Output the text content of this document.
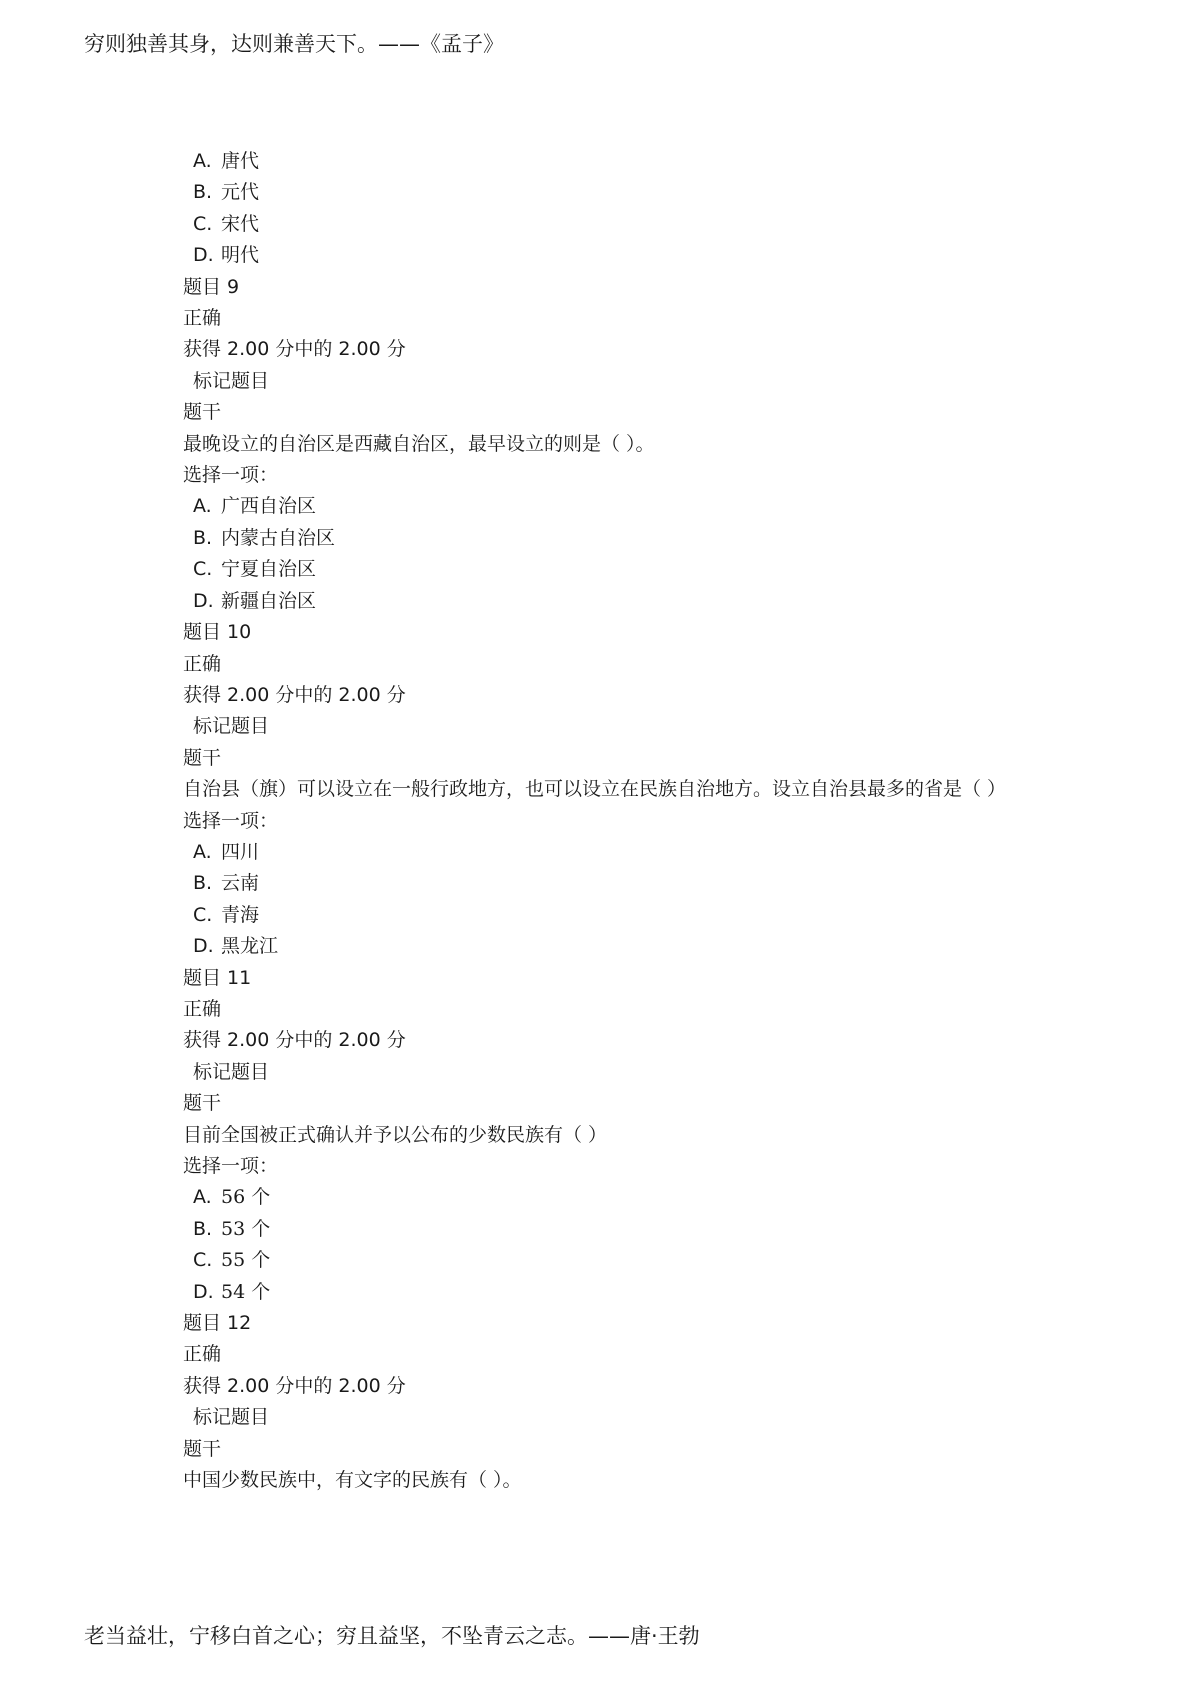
穷则独善其身，达则兼善天下。——《孟子》
A. 唐代
B. 元代
C. 宋代
D. 明代
题目 9
正确
获得 2.00 分中的 2.00 分
标记题目
题干
最晚设立的自治区是西藏自治区，最早设立的则是（ ）。
选择一项：
A. 广西自治区
B. 内蒙古自治区
C. 宁夏自治区
D. 新疆自治区
题目 10
正确
获得 2.00 分中的 2.00 分
标记题目
题干
自治县（旗）可以设立在一般行政地方，也可以设立在民族自治地方。设立自治县最多的省是（ ）
选择一项：
A. 四川
B. 云南
C. 青海
D. 黑龙江
题目 11
正确
获得 2.00 分中的 2.00 分
标记题目
题干
目前全国被正式确认并予以公布的少数民族有（ ）
选择一项：
A. 56 个
B. 53 个
C. 55 个
D. 54 个
题目 12
正确
获得 2.00 分中的 2.00 分
标记题目
题干
中国少数民族中，有文字的民族有（ ）。
老当益壮，宁移白首之心；穷且益坚，不坠青云之志。——唐·王勃
